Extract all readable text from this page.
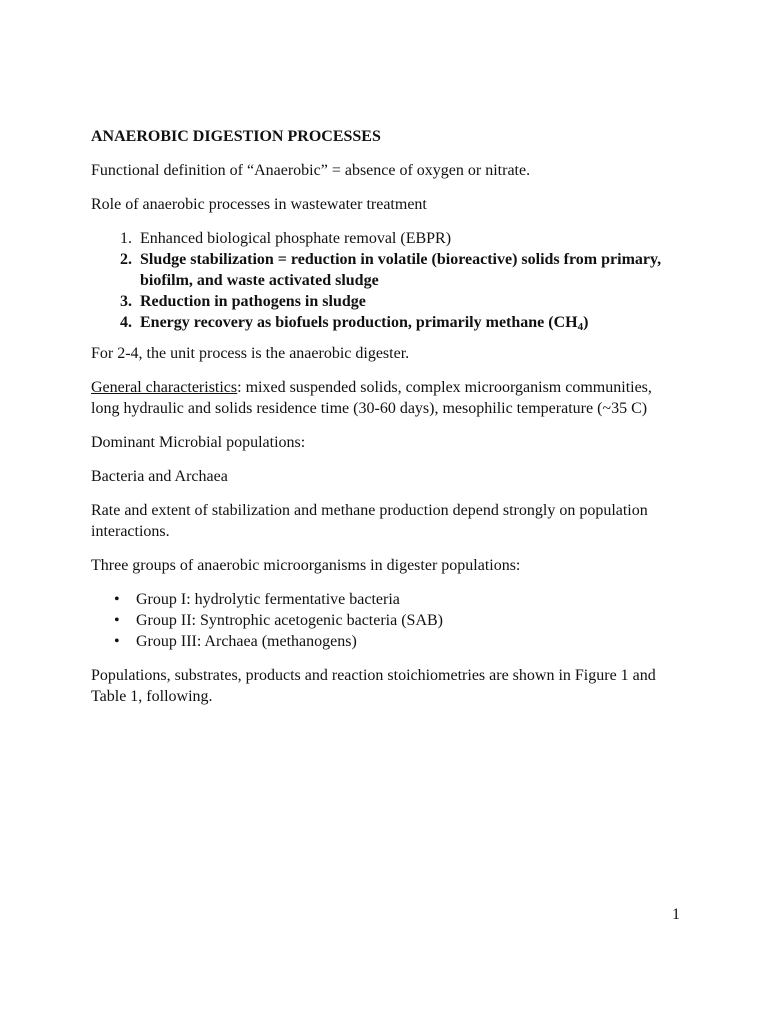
ANAEROBIC DIGESTION PROCESSES

Functional definition of “Anaerobic” = absence of oxygen or nitrate.

Role of anaerobic processes in wastewater treatment

1. Enhanced biological phosphate removal (EBPR)
2. Sludge stabilization = reduction in volatile (bioreactive) solids from primary, biofilm, and waste activated sludge
3. Reduction in pathogens in sludge
4. Energy recovery as biofuels production, primarily methane $(CH_4)$

For 2-4, the unit process is the anaerobic digester.

General characteristics: mixed suspended solids, complex microorganism communities, long hydraulic and solids residence time (30-60 days), mesophilic temperature (~35 C)

Dominant Microbial populations:

Bacteria and Archaea

Rate and extent of stabilization and methane production depend strongly on population interactions.

Three groups of anaerobic microorganisms in digester populations:

• Group I: hydrolytic fermentative bacteria
• Group II: Syntrophic acetogenic bacteria (SAB)
• Group III: Archaea (methanogens)

Populations, substrates, products and reaction stoichiometries are shown in Figure 1 and Table 1, following.

1
